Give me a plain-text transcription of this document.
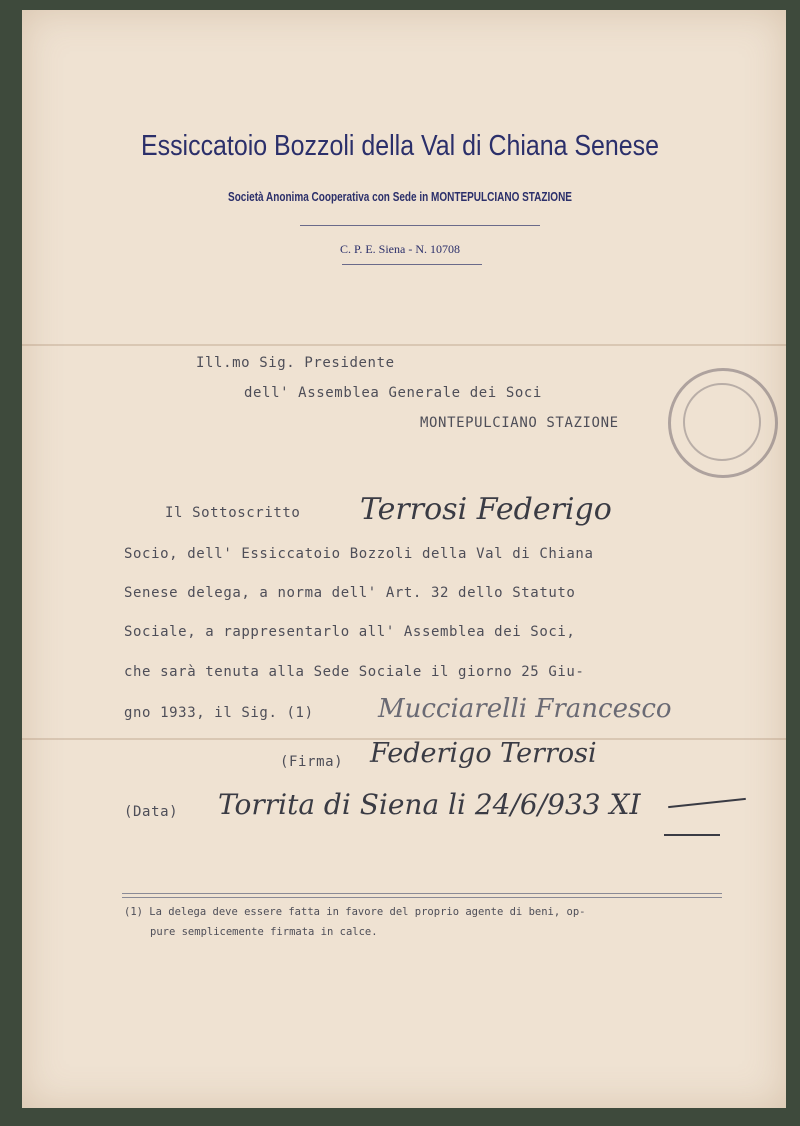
Essiccatoio Bozzoli della Val di Chiana Senese
Società Anonima Cooperativa con Sede in MONTEPULCIANO STAZIONE
C. P. E. Siena - N. 10708
Ill.mo Sig. Presidente
dell' Assemblea Generale dei Soci
MONTEPULCIANO STAZIONE
Il Sottoscritto Terrosi Federigo
Socio, dell' Essiccatoio Bozzoli della Val di Chiana
Senese delega, a norma dell' Art. 32 dello Statuto
Sociale, a rappresentarlo all' Assemblea dei Soci,
che sarà tenuta alla Sede Sociale il giorno 25 Giu-
gno 1933, il Sig. (1) Mucciarelli Francesco
(Firma) Federigo Terrosi
(Data) Torrita di Siena li 24/6/933 XI
(1) La delega deve essere fatta in favore del proprio agente di beni, op-
pure semplicemente firmata in calce.
